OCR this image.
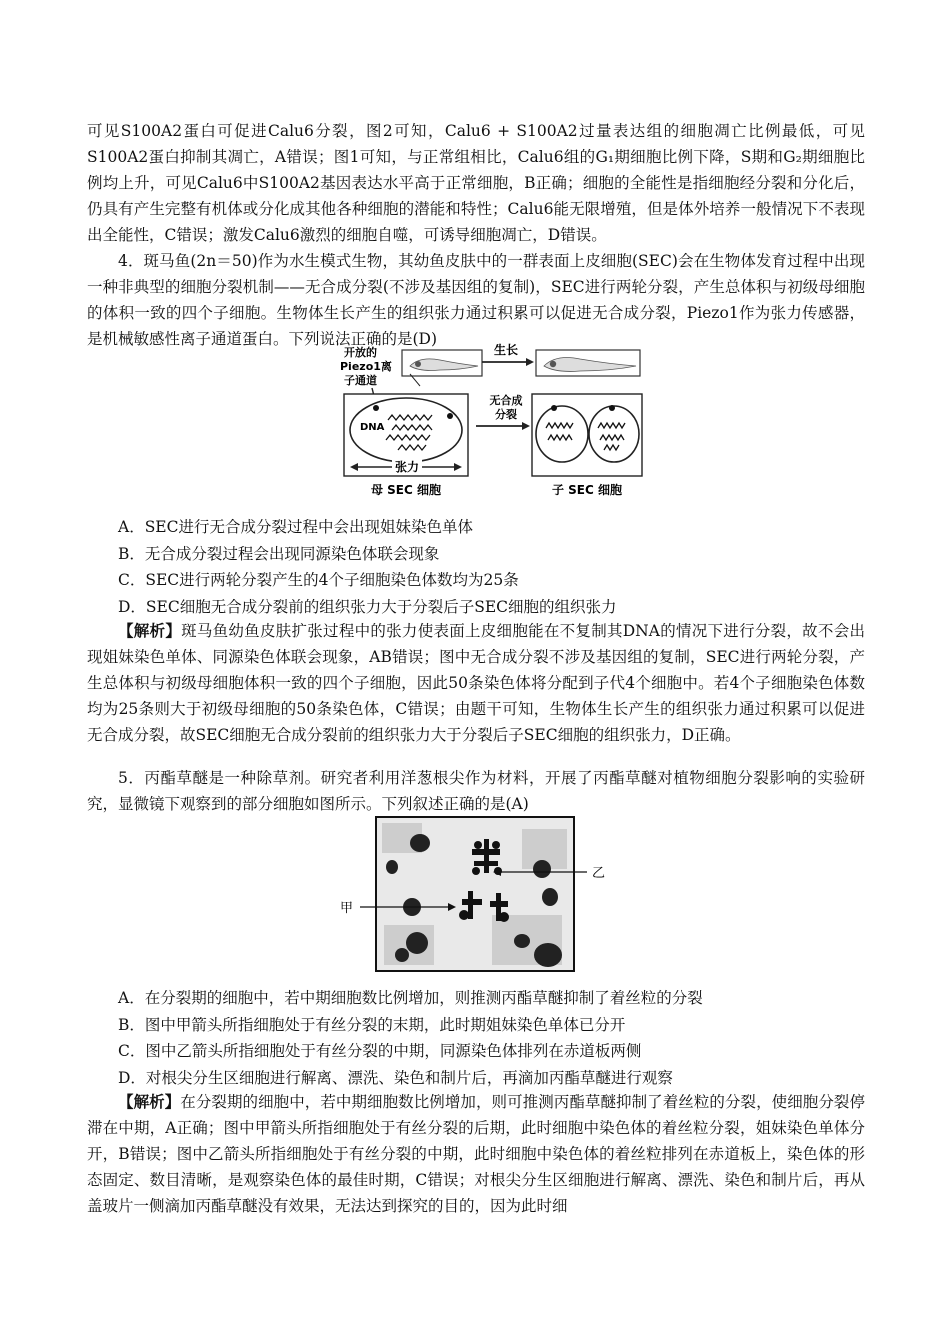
可见S100A2蛋白可促进Calu6分裂，图2可知，Calu6 + S100A2过量表达组的细胞凋亡比例最低，可见S100A2蛋白抑制其凋亡，A错误；图1可知，与正常组相比，Calu6组的G₁期细胞比例下降，S期和G₂期细胞比例均上升，可见Calu6中S100A2基因表达水平高于正常细胞，B正确；细胞的全能性是指细胞经分裂和分化后，仍具有产生完整有机体或分化成其他各种细胞的潜能和特性；Calu6能无限增殖，但是体外培养一般情况下不表现出全能性，C错误；激发Calu6激烈的细胞自噬，可诱导细胞凋亡，D错误。

4．斑马鱼(2n＝50)作为水生模式生物，其幼鱼皮肤中的一群表面上皮细胞(SEC)会在生物体发育过程中出现一种非典型的细胞分裂机制——无合成分裂(不涉及基因组的复制)，SEC进行两轮分裂，产生总体积与初级母细胞的体积一致的四个子细胞。生物体生长产生的组织张力通过积累可以促进无合成分裂，Piezo1作为张力传感器，是机械敏感性离子通道蛋白。下列说法正确的是(D)

生长
开放的
Piezo1离
子通道
DNA
张力
无合成
分裂
母 SEC 细胞	子 SEC 细胞
A．SEC进行无合成分裂过程中会出现姐妹染色单体
B．无合成分裂过程会出现同源染色体联会现象
C．SEC进行两轮分裂产生的4个子细胞染色体数均为25条
D．SEC细胞无合成分裂前的组织张力大于分裂后子SEC细胞的组织张力

【解析】斑马鱼幼鱼皮肤扩张过程中的张力使表面上皮细胞能在不复制其DNA的情况下进行分裂，故不会出现姐妹染色单体、同源染色体联会现象，AB错误；图中无合成分裂不涉及基因组的复制，SEC进行两轮分裂，产生总体积与初级母细胞体积一致的四个子细胞，因此50条染色体将分配到子代4个细胞中。若4个子细胞染色体数均为25条则大于初级母细胞的50条染色体，C错误；由题干可知，生物体生长产生的组织张力通过积累可以促进无合成分裂，故SEC细胞无合成分裂前的组织张力大于分裂后子SEC细胞的组织张力，D正确。

5．丙酯草醚是一种除草剂。研究者利用洋葱根尖作为材料，开展了丙酯草醚对植物细胞分裂影响的实验研究，显微镜下观察到的部分细胞如图所示。下列叙述正确的是(A)

乙
甲
A．在分裂期的细胞中，若中期细胞数比例增加，则推测丙酯草醚抑制了着丝粒的分裂
B．图中甲箭头所指细胞处于有丝分裂的末期，此时期姐妹染色单体已分开
C．图中乙箭头所指细胞处于有丝分裂的中期，同源染色体排列在赤道板两侧
D．对根尖分生区细胞进行解离、漂洗、染色和制片后，再滴加丙酯草醚进行观察

【解析】在分裂期的细胞中，若中期细胞数比例增加，则可推测丙酯草醚抑制了着丝粒的分裂，使细胞分裂停滞在中期，A正确；图中甲箭头所指细胞处于有丝分裂的后期，此时细胞中染色体的着丝粒分裂，姐妹染色单体分开，B错误；图中乙箭头所指细胞处于有丝分裂的中期，此时细胞中染色体的着丝粒排列在赤道板上，染色体的形态固定、数目清晰，是观察染色体的最佳时期，C错误；对根尖分生区细胞进行解离、漂洗、染色和制片后，再从盖玻片一侧滴加丙酯草醚没有效果，无法达到探究的目的，因为此时细
